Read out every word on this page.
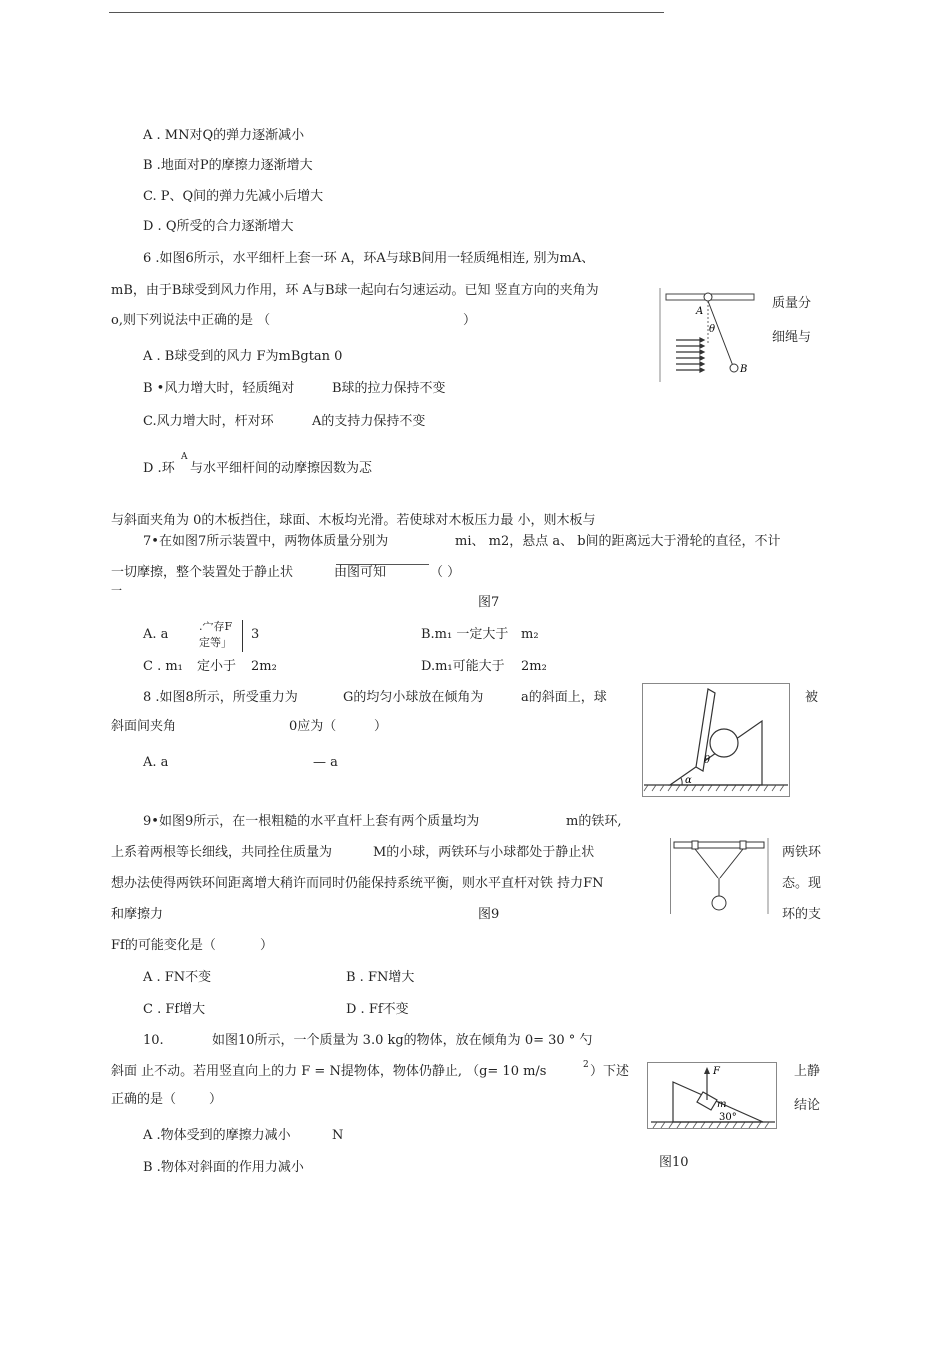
A . MN对Q的弹力逐渐减小
B .地面对P的摩擦力逐渐增大
C. P、Q间的弹力先减小后增大
D . Q所受的合力逐渐增大
6 .如图6所示，水平细杆上套一环 A，环A与球B间用一轻质绳相连, 别为mA、
mB，由于B球受到风力作用，环 A与B球一起向右匀速运动。已知 竖直方向的夹角为
o,则下列说法中正确的是 （	）
质量分
细绳与
A
θ
B
A . B球受到的风力 F为mBgtan 0
B •风力增大时，轻质绳对	B球的拉力保持不变
C.风力增大时，杆对环	A的支持力保持不变
D .环
A
与水平细杆间的动摩擦因数为忑
与斜面夹角为 0的木板挡住，球面、木板均光滑。若使球对木板压力最 小，则木板与
7•在如图7所示装置中，两物体质量分别为	mi、 m2，悬点 a、 b间的距离远大于滑轮的直径，不计
一切摩擦，整个装置处于静止状	由图可知	（ ）
一
图7
A. a
.宀存F
定等」
3	B.m₁ 一定大于 m₂
C . m₁ 定小于 2m₂	D.m₁可能大于 2m₂
8 .如图8所示，所受重力为	G的均匀小球放在倾角为	a的斜面上，球	被
斜面间夹角	0应为（	）
A. a	— a
α
θ
9•如图9所示，在一根粗糙的水平直杆上套有两个质量均为	m的铁环,
两铁环
上系着两根等长细线，共同拴住质量为	M的小球，两铁环与小球都处于静止状
想办法使得两铁环间距离增大稍许而同时仍能保持系统平衡，则水平直杆对铁 持力FN	态。现
和摩擦力	图9	环的支
Ff的可能变化是（	）
A . FN不变	B . FN增大
C . Ff增大	D . Ff不变
10.	如图10所示，一个质量为 3.0 kg的物体，放在倾角为 0= 30 ° 勺
上静
斜面 止不动。若用竖直向上的力 F = N提物体，物体仍静止, （g= 10 m/s	2 ）下述
结论
正确的是（	）
A .物体受到的摩擦力减小	N
B .物体对斜面的作用力减小	图10
F
m
30°
